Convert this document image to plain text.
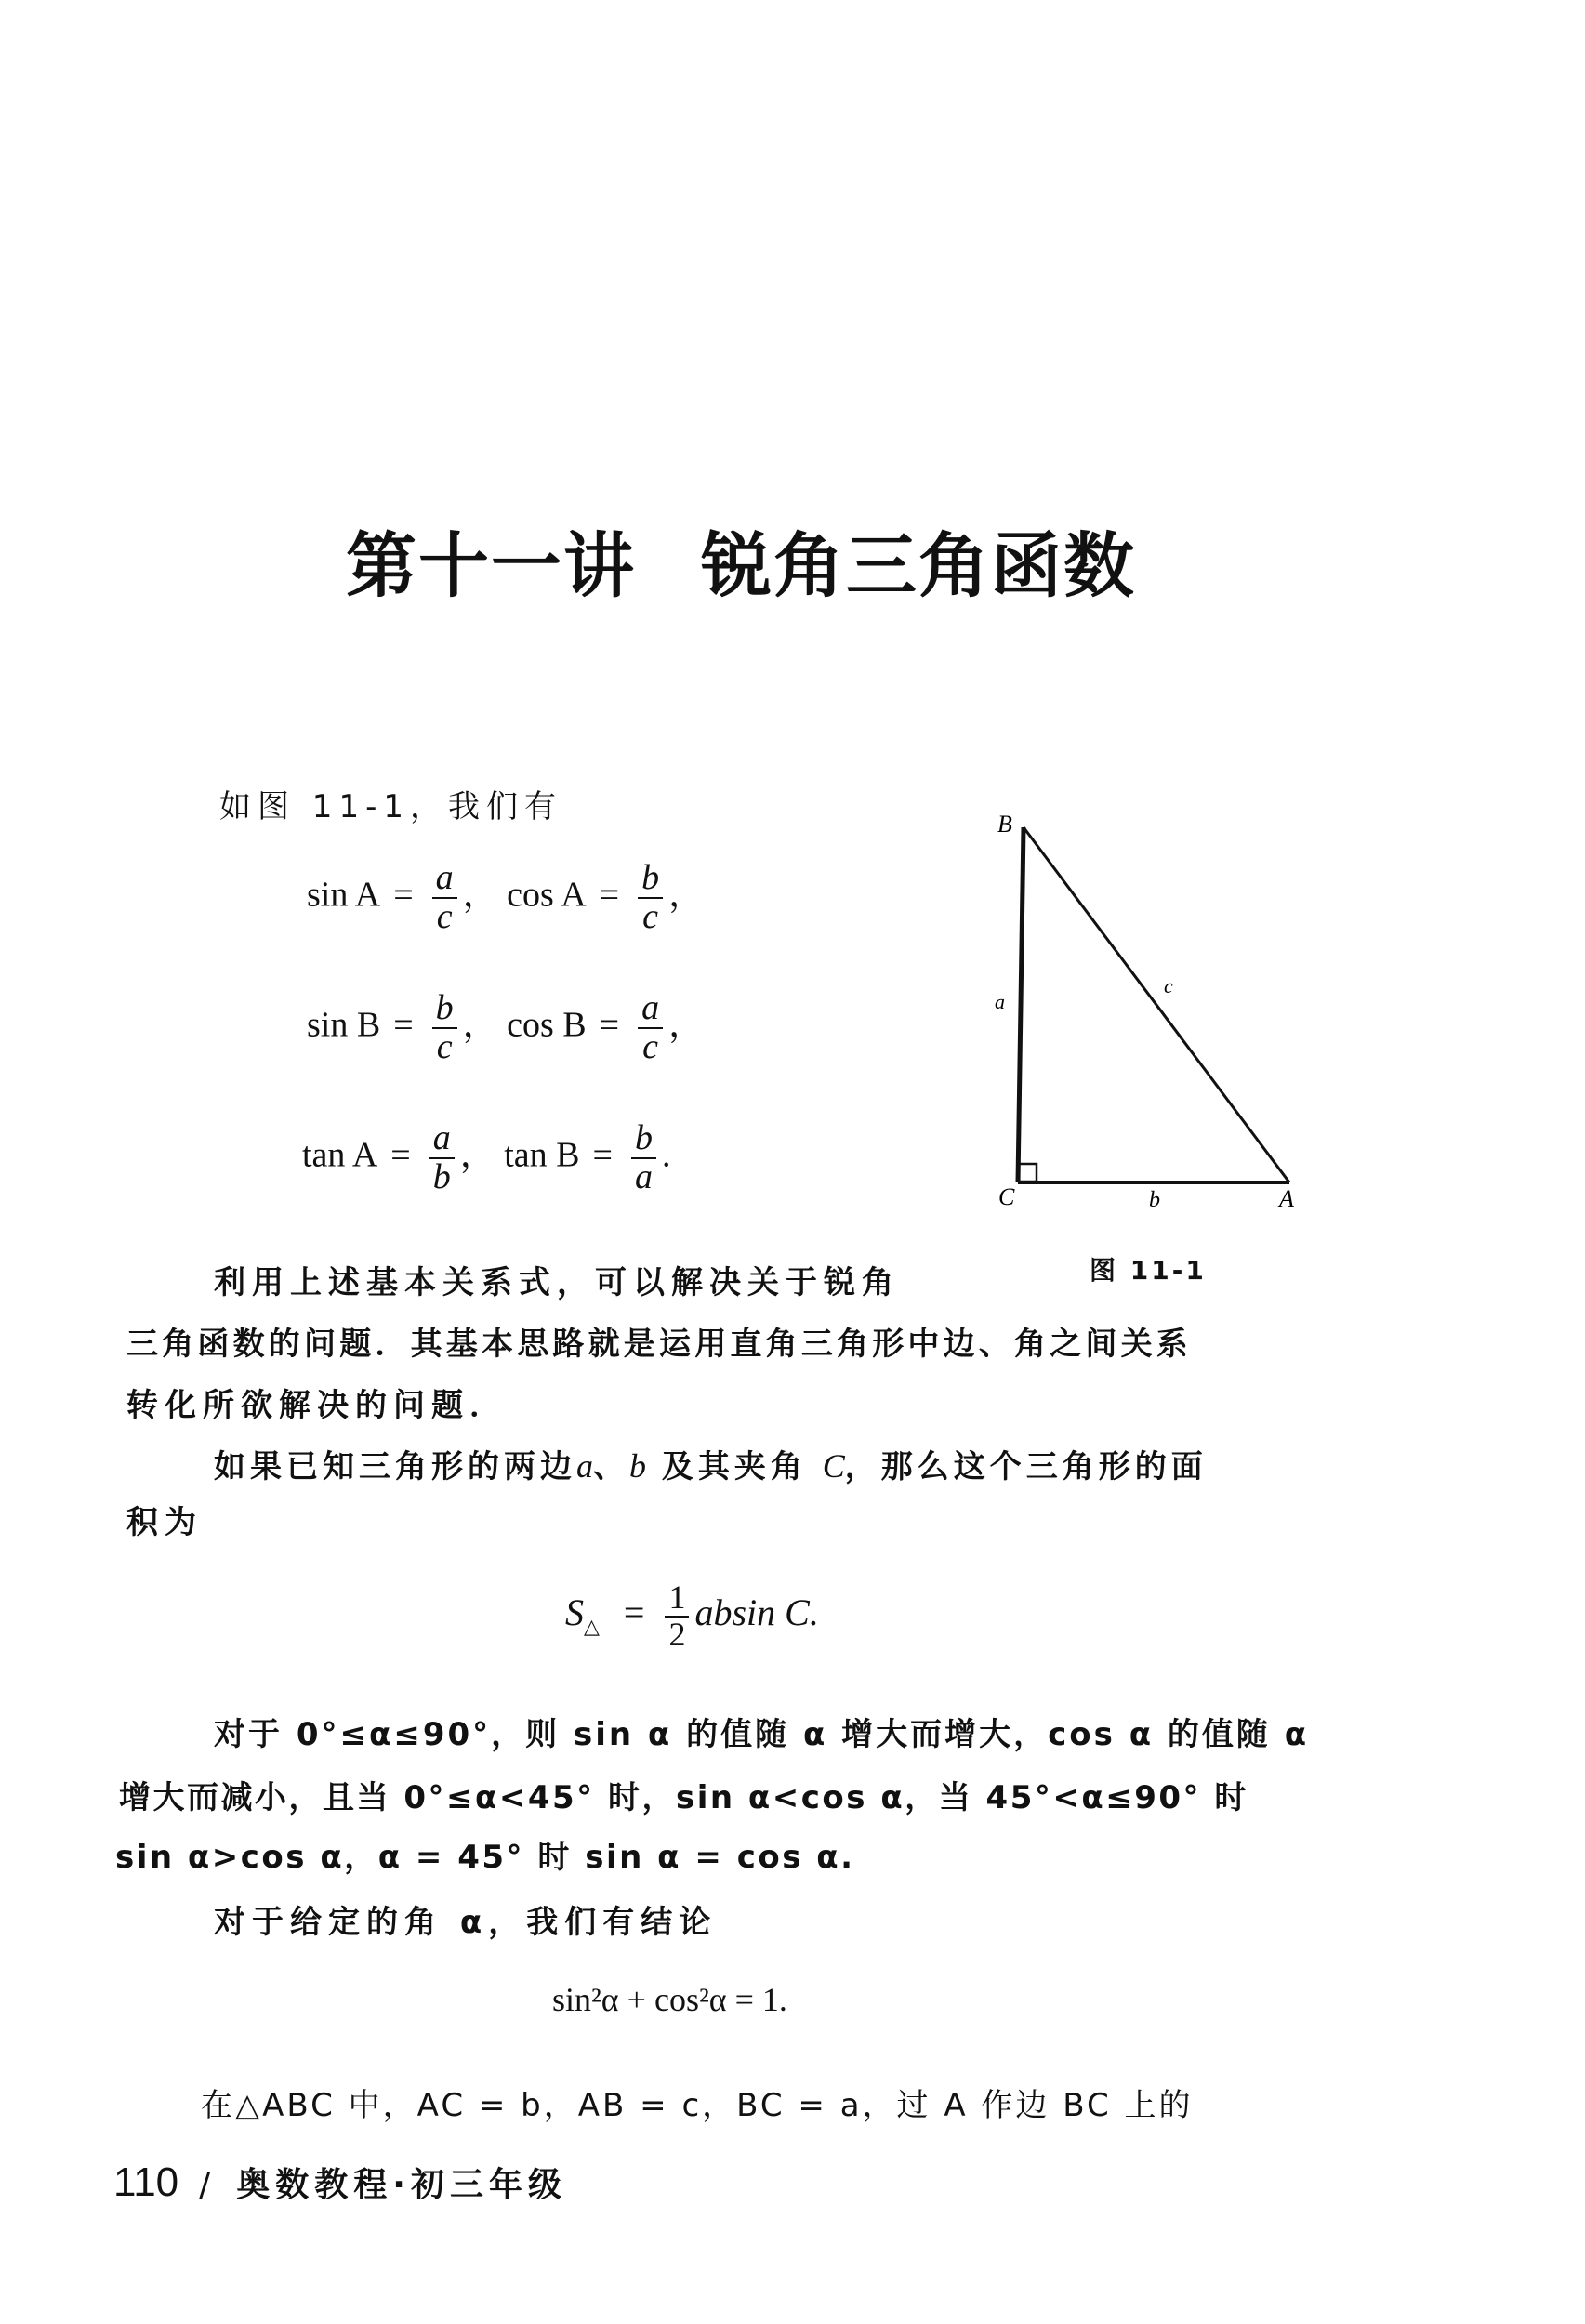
第十一讲 锐角三角函数
如图 11-1，我们有
$\sin A = \frac{a}{c}$ ， $\cos A = \frac{b}{c}$ ，
$\sin B = \frac{b}{c}$ ， $\cos B = \frac{a}{c}$ ，
$\tan A = \frac{a}{b}$ ， $\tan B = \frac{b}{a}$ .
B
C	A
a
b
c
图 11-1
利用上述基本关系式，可以解决关于锐角
三角函数的问题．其基本思路就是运用直角三角形中边、角之间关系
转化所欲解决的问题．
如果已知三角形的两边a、b 及其夹角 C，那么这个三角形的面
积为
$S_\triangle = \frac{1}{2}$ absin C.
对于 0°≤α≤90°，则 sin α 的值随 α 增大而增大，cos α 的值随 α
增大而减小，且当 0°≤α<45° 时，sin α<cos α，当 45°<α≤90° 时
sin α>cos α，α = 45° 时 sin α = cos α.
对于给定的角 α，我们有结论
sin²α + cos²α = 1.
在△ABC 中，AC = b，AB = c，BC = a，过 A 作边 BC 上的
110 / 奥数教程·初三年级
